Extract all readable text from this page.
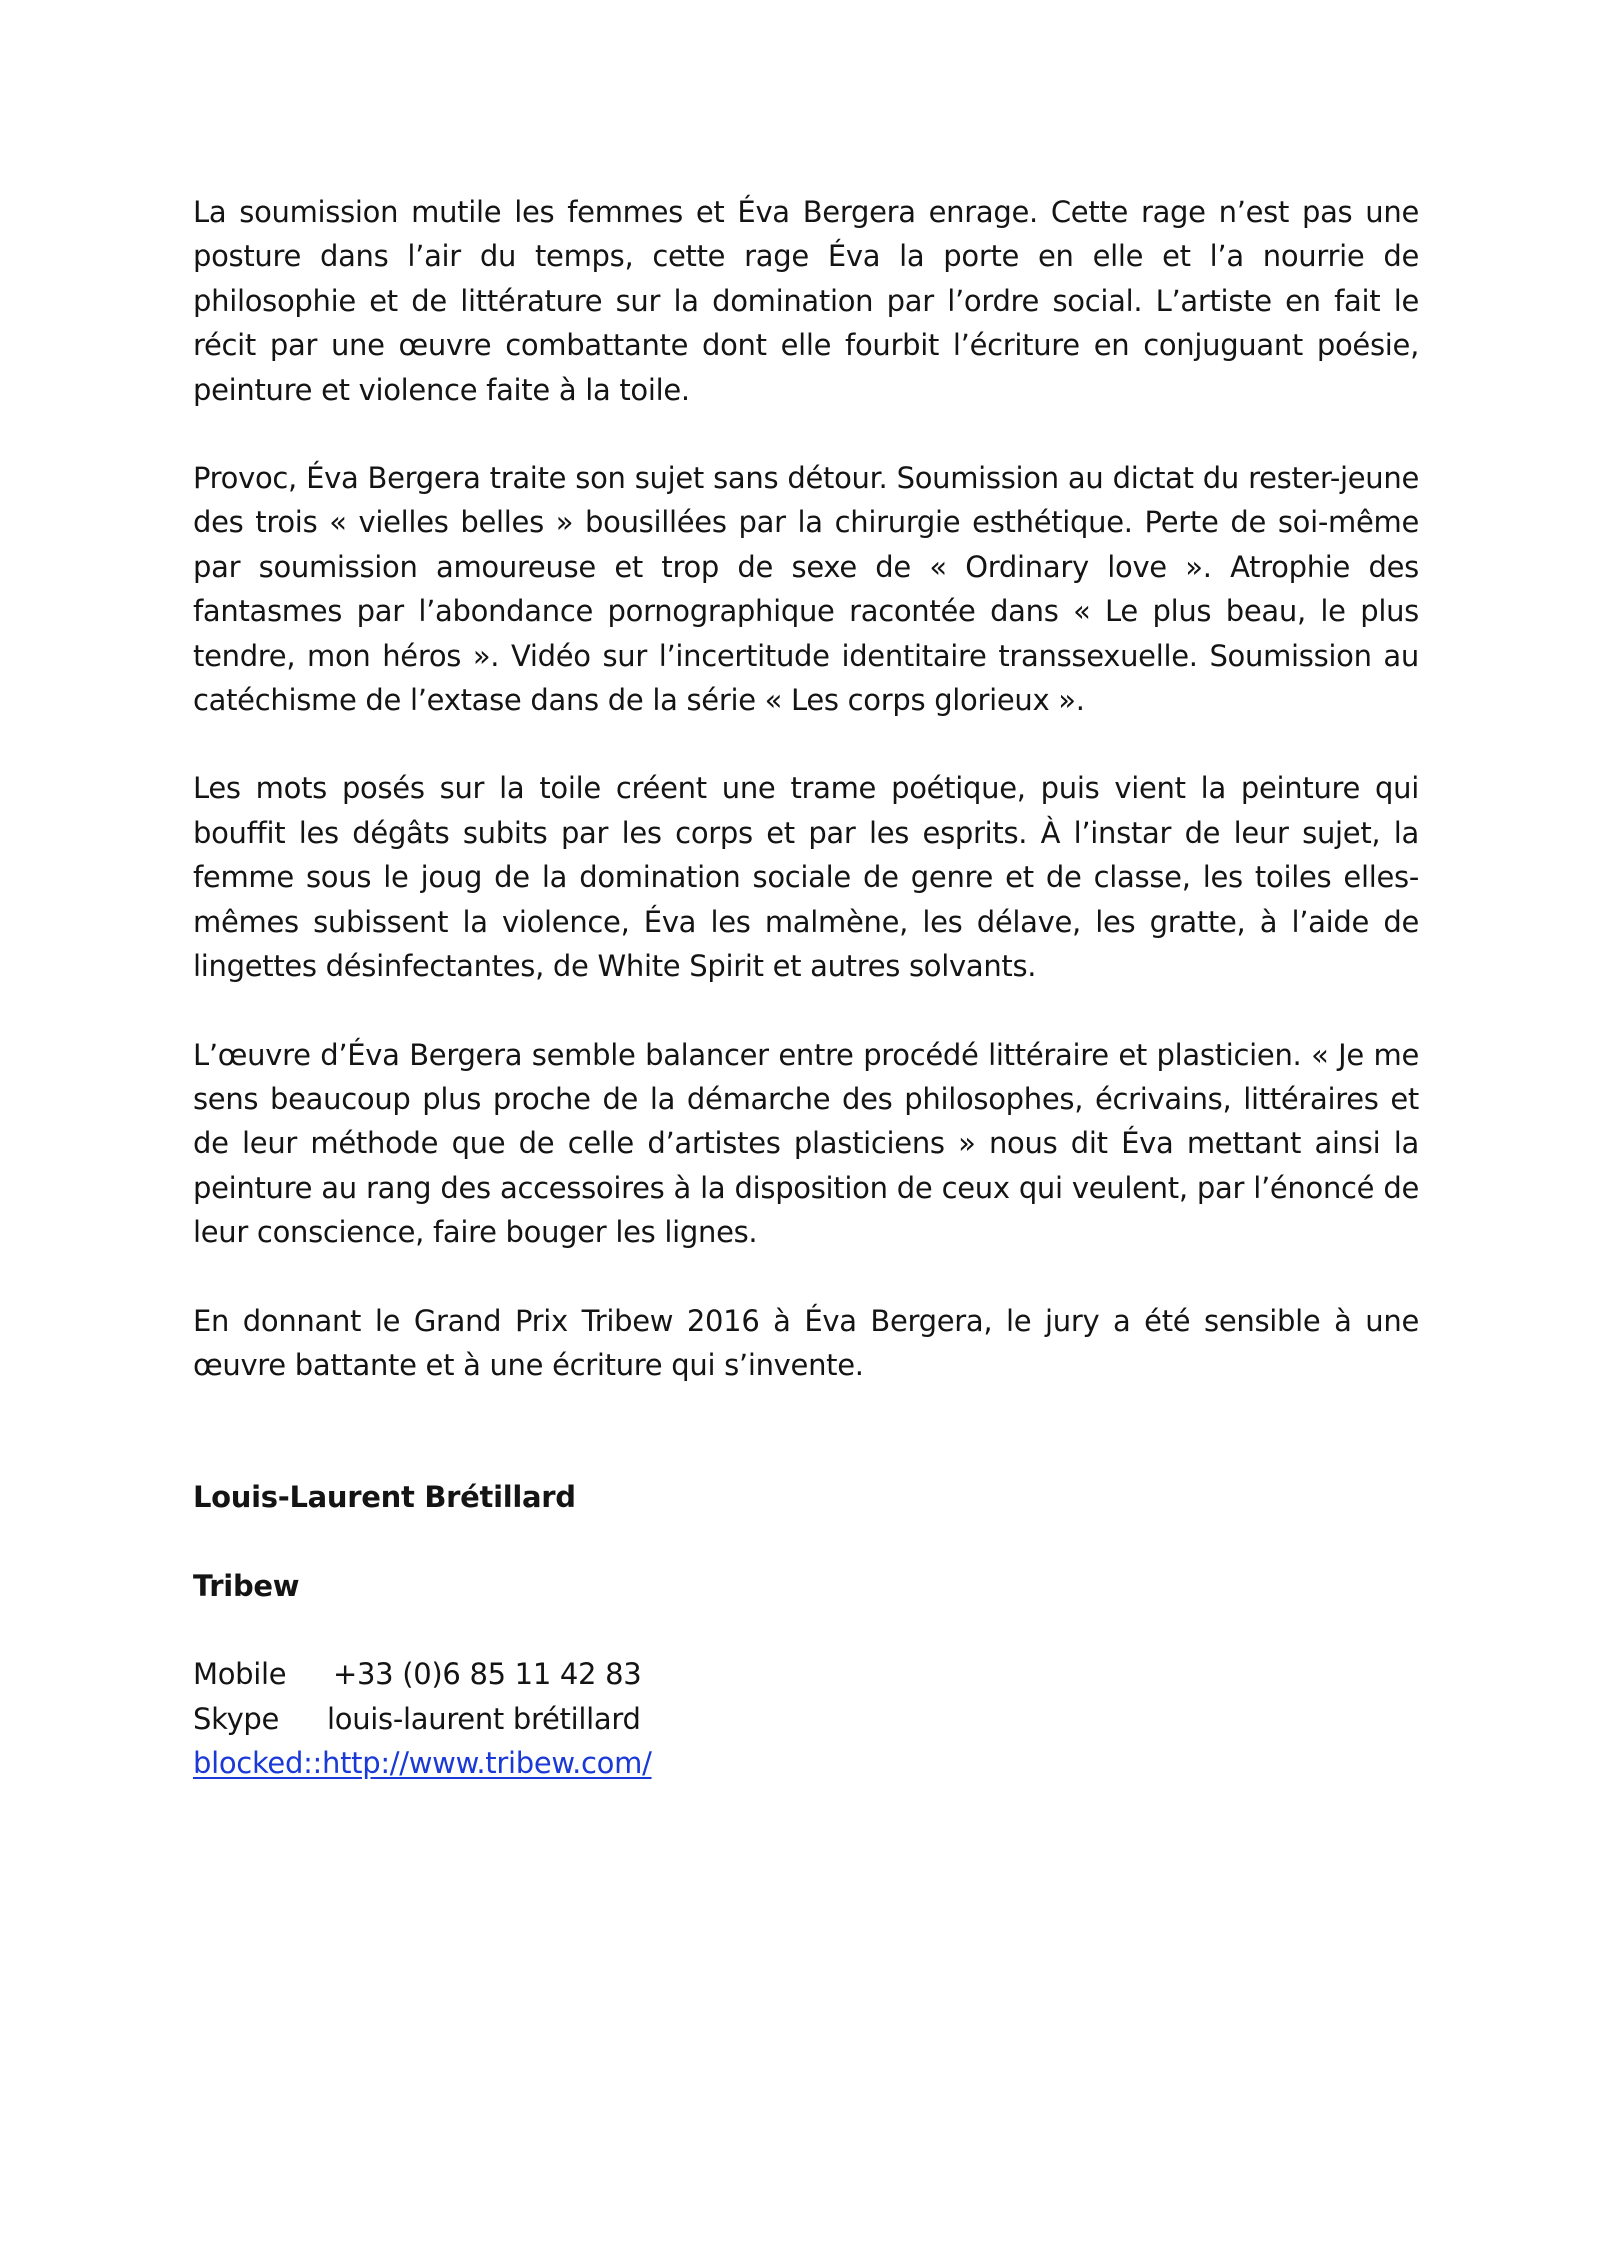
La soumission mutile les femmes et Éva Bergera enrage. Cette rage n’est pas une posture dans l’air du temps, cette rage Éva la porte en elle et l’a nourrie de philosophie et de littérature sur la domination par l’ordre social. L’artiste en fait le récit par une œuvre combattante dont elle fourbit l’écriture en conjuguant poésie, peinture et violence faite à la toile.

Provoc, Éva Bergera traite son sujet sans détour. Soumission au dictat du rester-jeune des trois « vielles belles » bousillées par la chirurgie esthétique. Perte de soi-même par soumission amoureuse et trop de sexe de « Ordinary love ». Atrophie des fantasmes par l’abondance pornographique racontée dans « Le plus beau, le plus tendre, mon héros ». Vidéo sur l’incertitude identitaire transsexuelle. Soumission au catéchisme de l’extase dans de la série « Les corps glorieux ».

Les mots posés sur la toile créent une trame poétique, puis vient la peinture qui bouffit les dégâts subits par les corps et par les esprits. À l’instar de leur sujet, la femme sous le joug de la domination sociale de genre et de classe, les toiles elles-mêmes subissent la violence, Éva les malmène, les délave, les gratte, à l’aide de lingettes désinfectantes, de White Spirit et autres solvants.

L’œuvre d’Éva Bergera semble balancer entre procédé littéraire et plasticien. « Je me sens beaucoup plus proche de la démarche des philosophes, écrivains, littéraires et de leur méthode que de celle d’artistes plasticiens » nous dit Éva mettant ainsi la peinture au rang des accessoires à la disposition de ceux qui veulent, par l’énoncé de leur conscience, faire bouger les lignes.

En donnant le Grand Prix Tribew 2016 à Éva Bergera, le jury a été sensible à une œuvre battante et à une écriture qui s’invente.

Louis-Laurent Brétillard

Tribew

Mobile +33 (0)6 85 11 42 83

Skype louis-laurent brétillard

blocked::http://www.tribew.com/
